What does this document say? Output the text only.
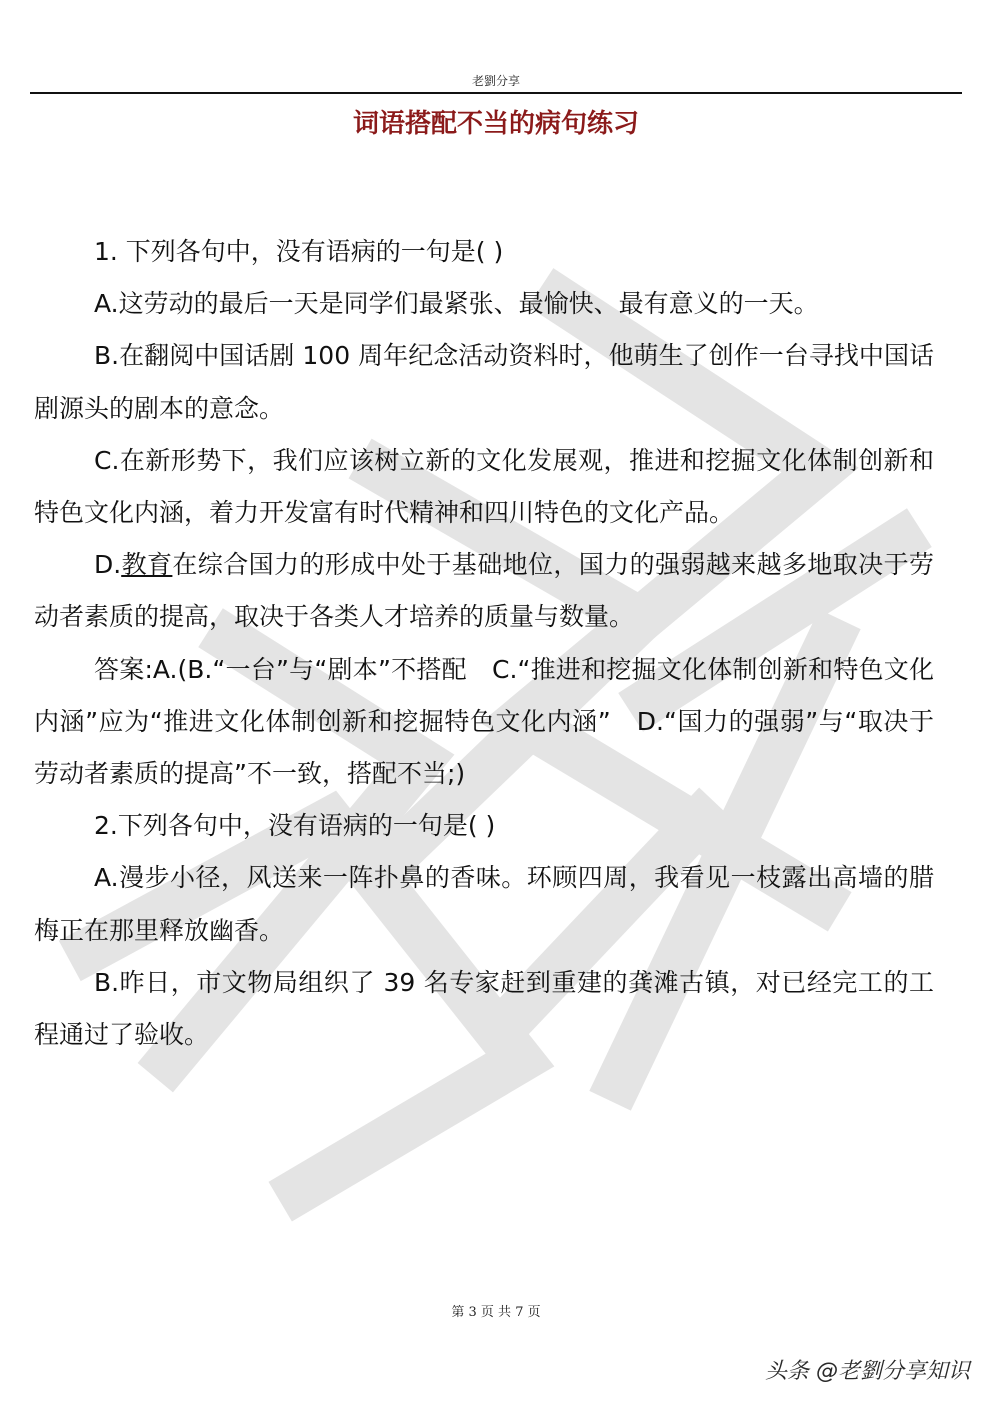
老劉分享
词语搭配不当的病句练习

1. 下列各句中，没有语病的一句是( )

A.这劳动的最后一天是同学们最紧张、最愉快、最有意义的一天。

B.在翻阅中国话剧 100 周年纪念活动资料时，他萌生了创作一台寻找中国话剧源头的剧本的意念。

C.在新形势下，我们应该树立新的文化发展观，推进和挖掘文化体制创新和特色文化内涵，着力开发富有时代精神和四川特色的文化产品。

D.教育在综合国力的形成中处于基础地位，国力的强弱越来越多地取决于劳动者素质的提高，取决于各类人才培养的质量与数量。

答案:A.(B.“一台”与“剧本”不搭配　C.“推进和挖掘文化体制创新和特色文化内涵”应为“推进文化体制创新和挖掘特色文化内涵”　D.“国力的强弱”与“取决于劳动者素质的提高”不一致，搭配不当;)

2.下列各句中，没有语病的一句是( )

A.漫步小径，风送来一阵扑鼻的香味。环顾四周，我看见一枝露出高墙的腊梅正在那里释放幽香。

B.昨日，市文物局组织了 39 名专家赶到重建的龚滩古镇，对已经完工的工程通过了验收。

第 3 页 共 7 页
头条 @老劉分享知识
